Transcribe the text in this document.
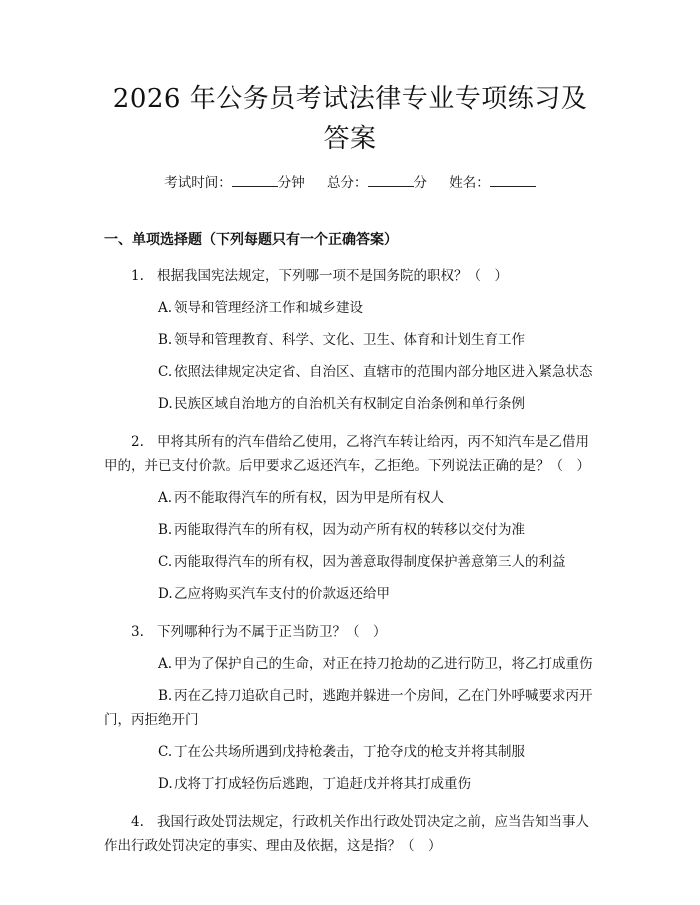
2026 年公务员考试法律专业专项练习及答案
考试时间：	分钟 总分：	分 姓名：
一、单项选择题（下列每题只有一个正确答案）

1. 根据我国宪法规定，下列哪一项不是国务院的职权？（　）

A. 领导和管理经济工作和城乡建设
B. 领导和管理教育、科学、文化、卫生、体育和计划生育工作
C. 依照法律规定决定省、自治区、直辖市的范围内部分地区进入紧急状态
D.民族区域自治地方的自治机关有权制定自治条例和单行条例

2. 甲将其所有的汽车借给乙使用，乙将汽车转让给丙，丙不知汽车是乙借用甲的，并已支付价款。后甲要求乙返还汽车，乙拒绝。下列说法正确的是？（　）

A. 丙不能取得汽车的所有权，因为甲是所有权人
B. 丙能取得汽车的所有权，因为动产所有权的转移以交付为准
C. 丙能取得汽车的所有权，因为善意取得制度保护善意第三人的利益
D.乙应将购买汽车支付的价款返还给甲

3. 下列哪种行为不属于正当防卫？（　）

A. 甲为了保护自己的生命，对正在持刀抢劫的乙进行防卫，将乙打成重伤
B. 丙在乙持刀追砍自己时，逃跑并躲进一个房间，乙在门外呼喊要求丙开门，丙拒绝开门
C. 丁在公共场所遇到戊持枪袭击，丁抢夺戊的枪支并将其制服
D.戊将丁打成轻伤后逃跑，丁追赶戊并将其打成重伤

4. 我国行政处罚法规定，行政机关作出行政处罚决定之前，应当告知当事人作出行政处罚决定的事实、理由及依据，这是指？（　）
